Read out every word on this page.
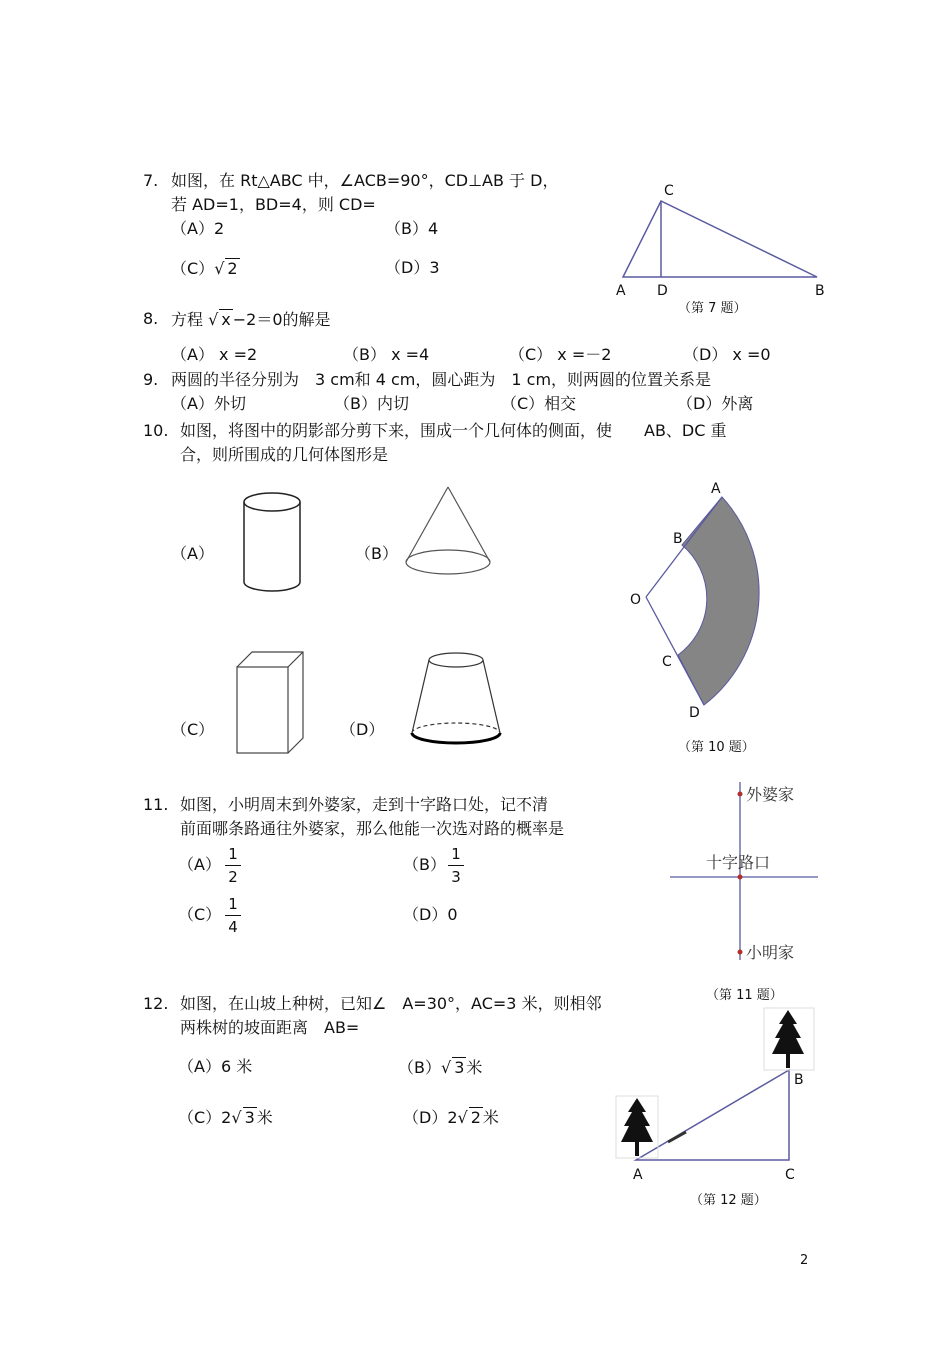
7. 如图，在 Rt△ABC 中，∠ACB=90°，CD⊥AB 于 D，
若 AD=1，BD=4，则 CD=
（A）2	（B）4
（C）√ 2	（D）3
C
A D	B
（第 7 题）
8. 方程 √ x −2＝0的解是
（A） x =2	（B） x =4	（C） x =－2	（D） x =0
9. 两圆的半径分别为　3 cm和 4 cm，圆心距为　1 cm，则两圆的位置关系是
（A）外切	（B）内切	（C）相交	（D）外离
10. 如图，将图中的阴影部分剪下来，围成一个几何体的侧面，使　　AB、DC 重
合，则所围成的几何体图形是
（A）	（B）
（C）	（D）
A
B
O
C
D
（第 10 题）
11. 如图，小明周末到外婆家，走到十字路口处，记不清
前面哪条路通往外婆家，那么他能一次选对路的概率是
（A）
1
2
（B）
1
3
（C）
1
4
（D）0
外婆家
十字路口
小明家
（第 11 题）
12. 如图，在山坡上种树，已知∠　A=30°，AC=3 米，则相邻
两株树的坡面距离　AB=
（A）6 米	（B）√ 3 米
（C）2√ 3 米	（D）2√ 2 米
B
A	C
（第 12 题）
2
